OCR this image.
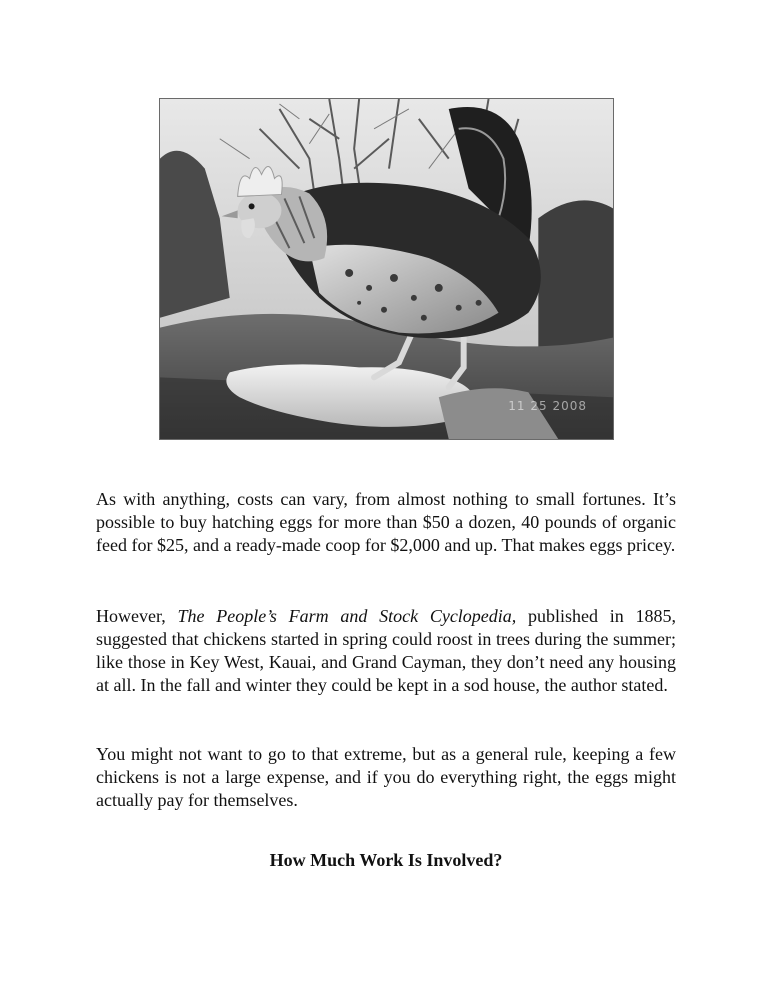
11 25 2008

As with anything, costs can vary, from almost nothing to small fortunes. It’s possible to buy hatching eggs for more than $50 a dozen, 40 pounds of organic feed for $25, and a ready-made coop for $2,000 and up. That makes eggs pricey.

However, The People’s Farm and Stock Cyclopedia, published in 1885, suggested that chickens started in spring could roost in trees during the summer; like those in Key West, Kauai, and Grand Cayman, they don’t need any housing at all. In the fall and winter they could be kept in a sod house, the author stated.

You might not want to go to that extreme, but as a general rule, keeping a few chickens is not a large expense, and if you do everything right, the eggs might actually pay for themselves.

How Much Work Is Involved?
